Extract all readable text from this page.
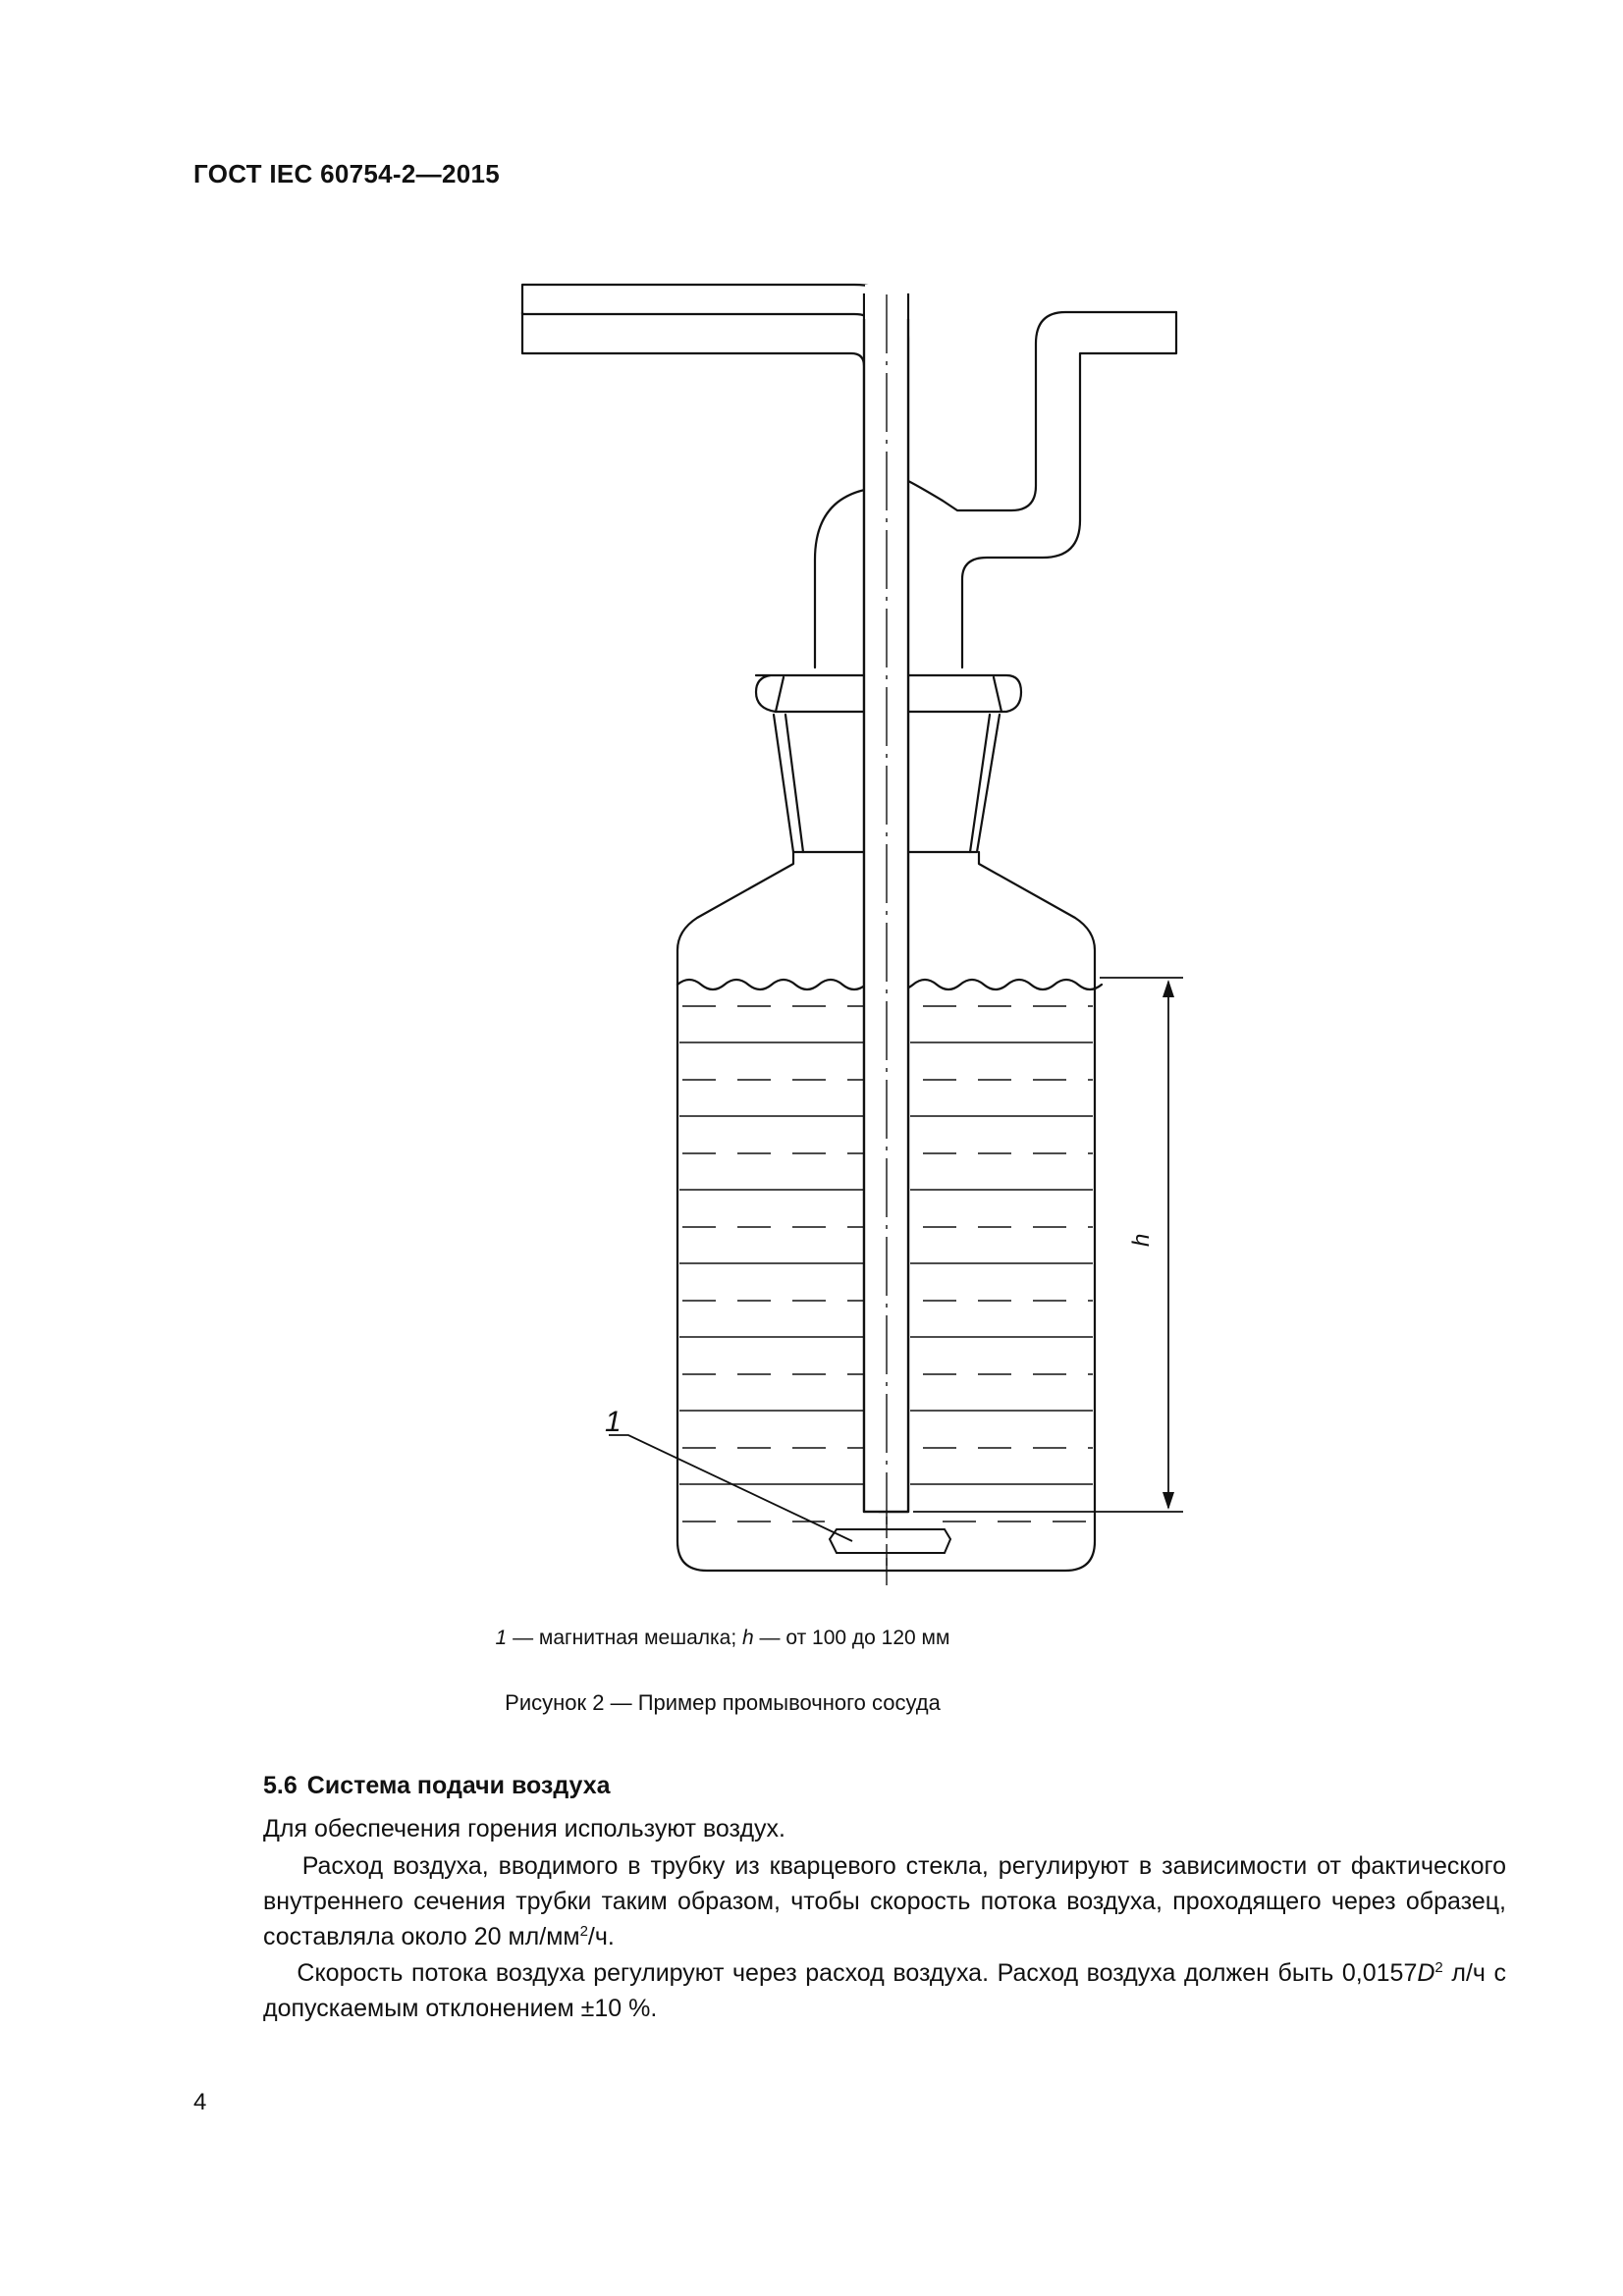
ГОСТ IEC 60754-2—2015
1
h
1 — магнитная мешалка; h — от 100 до 120 мм
Рисунок 2 — Пример промывочного сосуда
5.6 Система подачи воздуха
Для обеспечения горения используют воздух.
Расход воздуха, вводимого в трубку из кварцевого стекла, регулируют в зависимости от фактического внутреннего сечения трубки таким образом, чтобы скорость потока воздуха, проходящего через образец, составляла около 20 $мл/мм^2/ч$.
Скорость потока воздуха регулируют через расход воздуха. Расход воздуха должен быть $0,0157D^2$ л/ч с допускаемым отклонением ±10 %.
4
